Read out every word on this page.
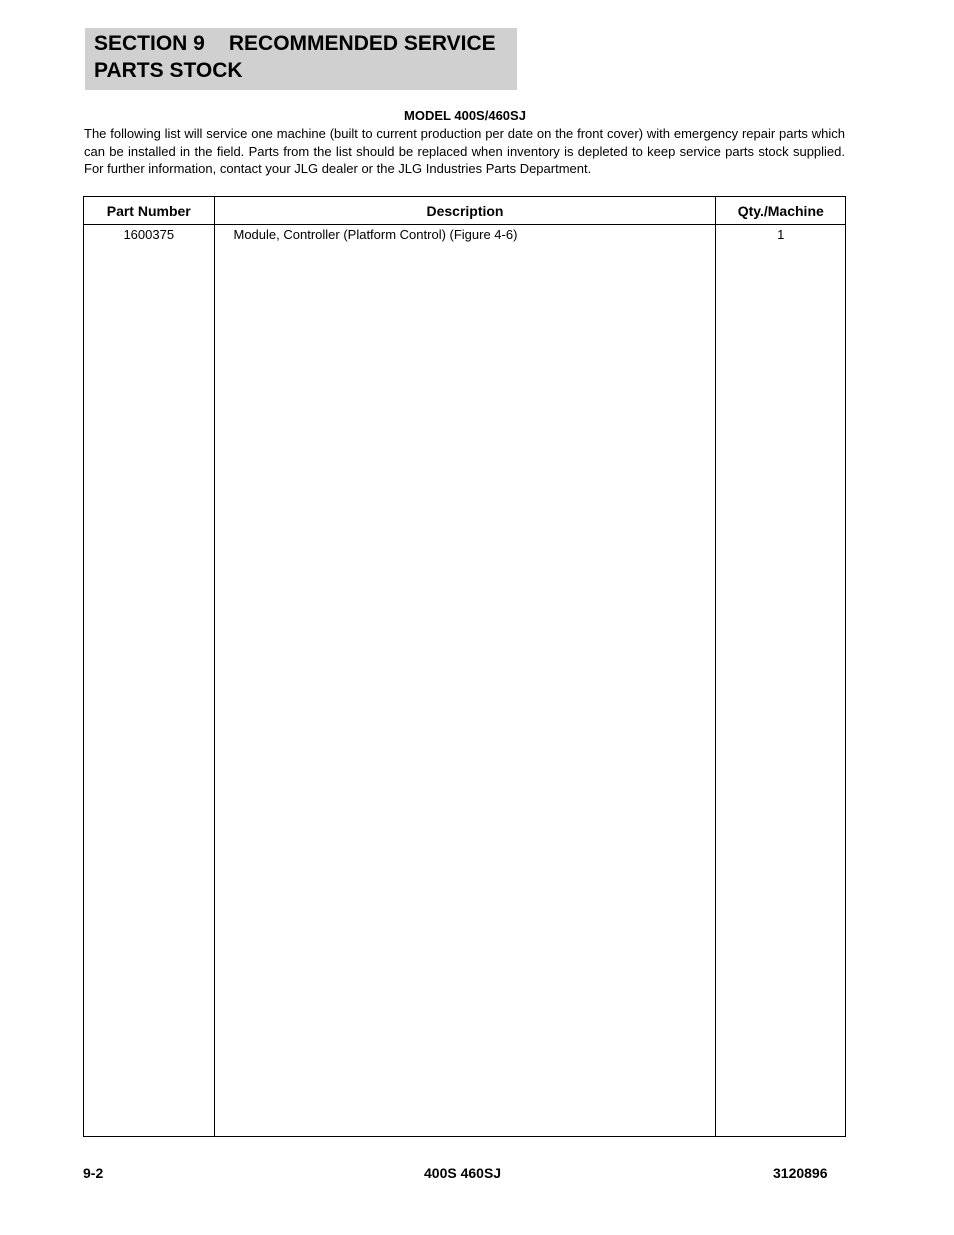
SECTION 9 RECOMMENDED SERVICE
PARTS STOCK
MODEL 400S/460SJ

The following list will service one machine (built to current production per date on the front cover) with emergency repair parts which can be installed in the field. Parts from the list should be replaced when inventory is depleted to keep service parts stock supplied. For further information, contact your JLG dealer or the JLG Industries Parts Department.

Part Number	Description	Qty./Machine
1600375	Module, Controller (Platform Control) (Figure 4-6)	1

9-2	400S 460SJ	3120896
